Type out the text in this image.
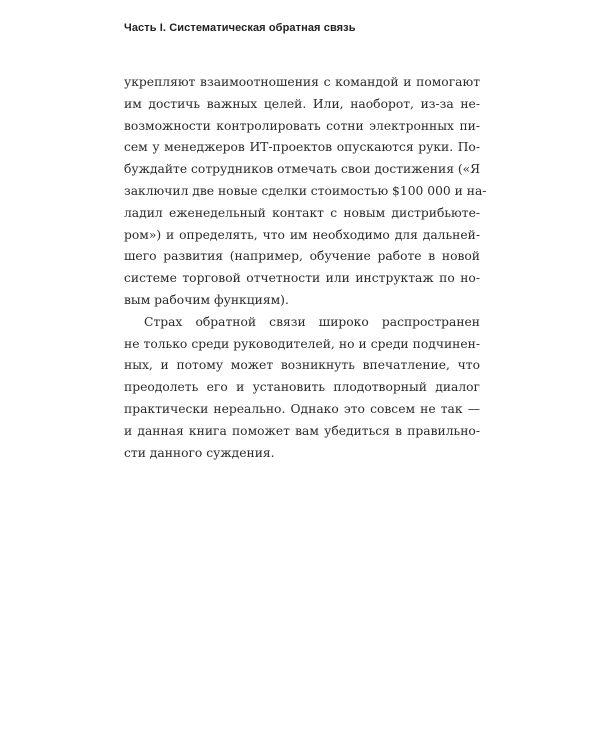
Часть I. Систематическая обратная связь
укрепляют взаимоотношения с командой и помогают
им достичь важных целей. Или, наоборот, из-за не-
возможности контролировать сотни электронных пи-
сем у менеджеров ИТ-проектов опускаются руки. По-
буждайте сотрудников отмечать свои достижения («Я
заключил две новые сделки стоимостью $100 000 и на-
ладил еженедельный контакт с новым дистрибьюте-
ром») и определять, что им необходимо для дальней-
шего развития (например, обучение работе в новой
системе торговой отчетности или инструктаж по но-
вым рабочим функциям).
Страх обратной связи широко распространен
не только среди руководителей, но и среди подчинен-
ных, и потому может возникнуть впечатление, что
преодолеть его и установить плодотворный диалог
практически нереально. Однако это совсем не так —
и данная книга поможет вам убедиться в правильно-
сти данного суждения.
